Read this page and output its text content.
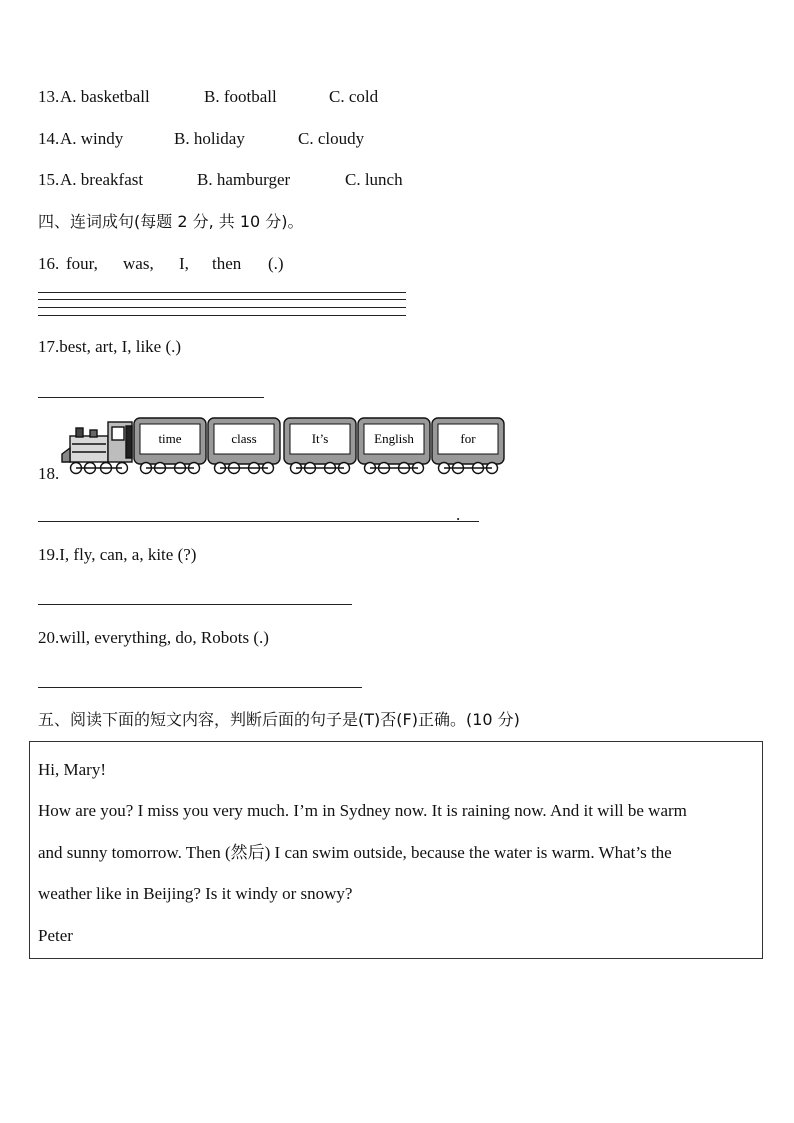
13. A. basketball	B. football	C. cold
14. A. windy	B. holiday	C. cloudy
15. A. breakfast	B. hamburger	C. lunch
四、连词成句(每题 2 分, 共 10 分)。
16. four, was, I, then (.)
17.best, art, I, like (.)
18.
time	class	It’s	English	for
.
19.I, fly, can, a, kite (?)
20.will, everything, do, Robots (.)
五、阅读下面的短文内容，判断后面的句子是(T)否(F)正确。(10 分)
Hi, Mary!
How are you? I miss you very much. I’m in Sydney now. It is raining now. And it will be warm
and sunny tomorrow. Then (然后) I can swim outside, because the water is warm. What’s the
weather like in Beijing? Is it windy or snowy?
Peter
